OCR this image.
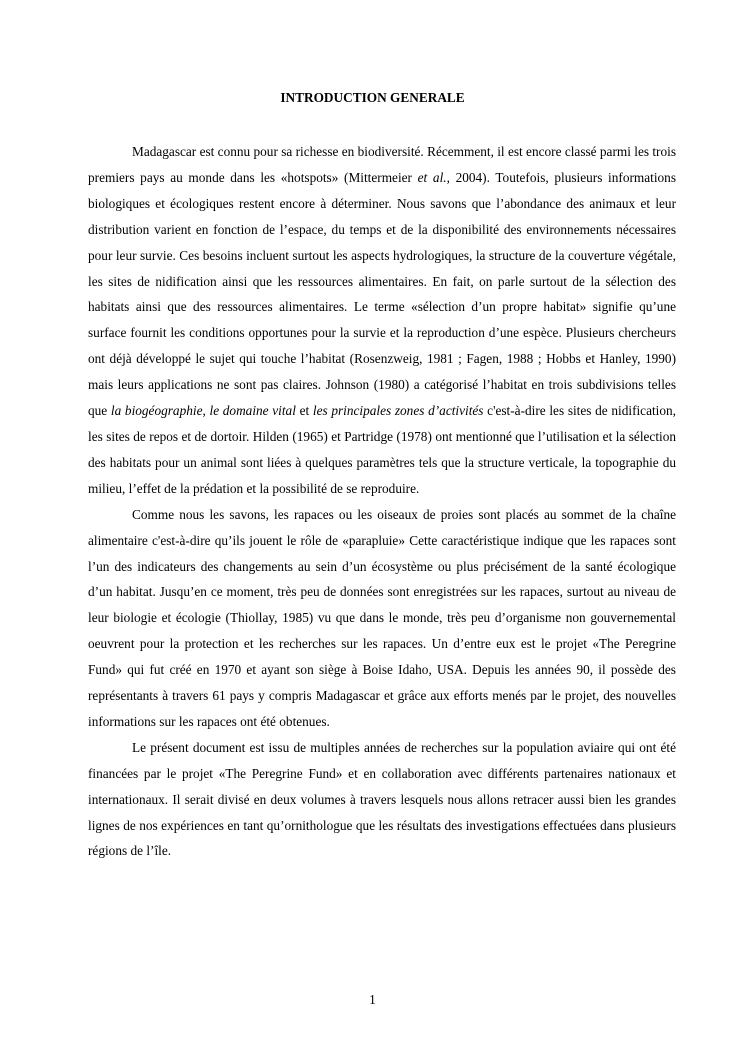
INTRODUCTION GENERALE

Madagascar est connu pour sa richesse en biodiversité. Récemment, il est encore classé parmi les trois premiers pays au monde dans les «hotspots» (Mittermeier et al., 2004). Toutefois, plusieurs informations biologiques et écologiques restent encore à déterminer. Nous savons que l’abondance des animaux et leur distribution varient en fonction de l’espace, du temps et de la disponibilité des environnements nécessaires pour leur survie. Ces besoins incluent surtout les aspects hydrologiques, la structure de la couverture végétale, les sites de nidification ainsi que les ressources alimentaires. En fait, on parle surtout de la sélection des habitats ainsi que des ressources alimentaires. Le terme «sélection d’un propre habitat» signifie qu’une surface fournit les conditions opportunes pour la survie et la reproduction d’une espèce. Plusieurs chercheurs ont déjà développé le sujet qui touche l’habitat (Rosenzweig, 1981 ; Fagen, 1988 ; Hobbs et Hanley, 1990) mais leurs applications ne sont pas claires. Johnson (1980) a catégorisé l’habitat en trois subdivisions telles que la biogéographie, le domaine vital et les principales zones d’activités c'est-à-dire les sites de nidification, les sites de repos et de dortoir. Hilden (1965) et Partridge (1978) ont mentionné que l’utilisation et la sélection des habitats pour un animal sont liées à quelques paramètres tels que la structure verticale, la topographie du milieu, l’effet de la prédation et la possibilité de se reproduire.

Comme nous les savons, les rapaces ou les oiseaux de proies sont placés au sommet de la chaîne alimentaire c'est-à-dire qu’ils jouent le rôle de «parapluie» Cette caractéristique indique que les rapaces sont l’un des indicateurs des changements au sein d’un écosystème ou plus précisément de la santé écologique d’un habitat. Jusqu’en ce moment, très peu de données sont enregistrées sur les rapaces, surtout au niveau de leur biologie et écologie (Thiollay, 1985) vu que dans le monde, très peu d’organisme non gouvernemental oeuvrent pour la protection et les recherches sur les rapaces. Un d’entre eux est le projet «The Peregrine Fund» qui fut créé en 1970 et ayant son siège à Boise Idaho, USA. Depuis les années 90, il possède des représentants à travers 61 pays y compris Madagascar et grâce aux efforts menés par le projet, des nouvelles informations sur les rapaces ont été obtenues.

Le présent document est issu de multiples années de recherches sur la population aviaire qui ont été financées par le projet «The Peregrine Fund» et en collaboration avec différents partenaires nationaux et internationaux. Il serait divisé en deux volumes à travers lesquels nous allons retracer aussi bien les grandes lignes de nos expériences en tant qu’ornithologue que les résultats des investigations effectuées dans plusieurs régions de l’île.

1
